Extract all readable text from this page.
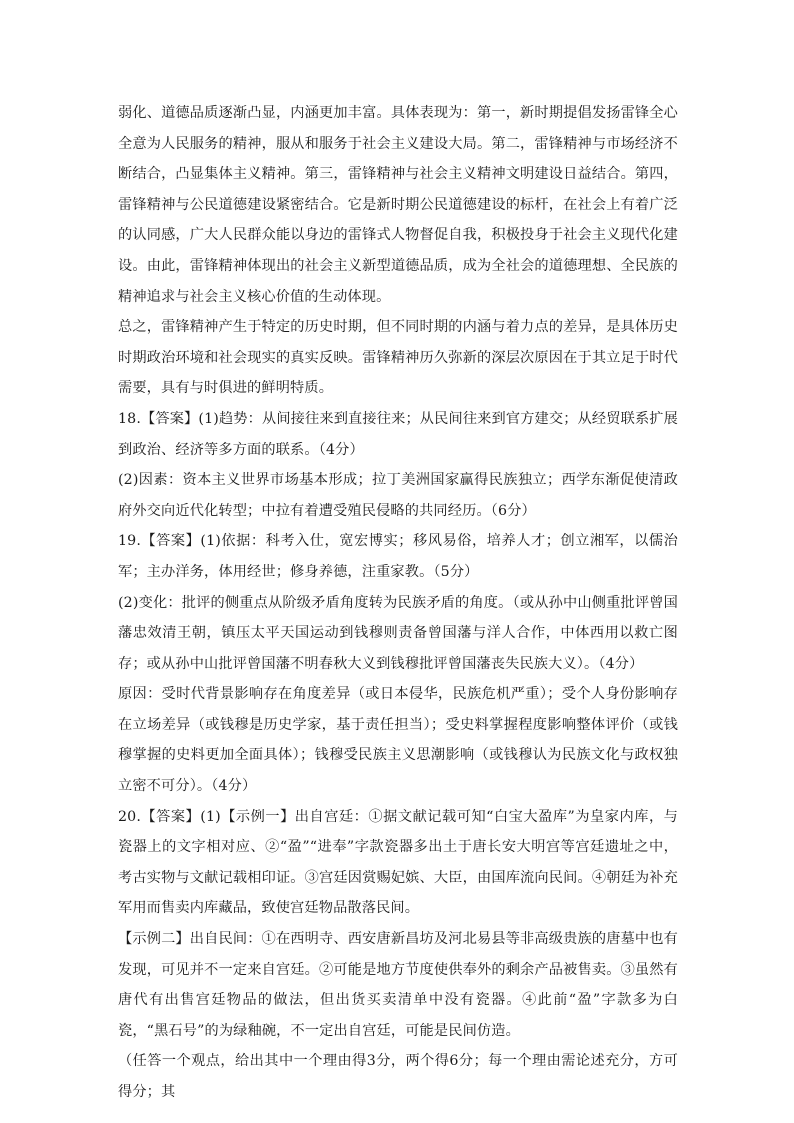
弱化、道德品质逐渐凸显，内涵更加丰富。具体表现为：第一，新时期提倡发扬雷锋全心全意为人民服务的精神，服从和服务于社会主义建设大局。第二，雷锋精神与市场经济不断结合，凸显集体主义精神。第三，雷锋精神与社会主义精神文明建设日益结合。第四，雷锋精神与公民道德建设紧密结合。它是新时期公民道德建设的标杆，在社会上有着广泛的认同感，广大人民群众能以身边的雷锋式人物督促自我，积极投身于社会主义现代化建设。由此，雷锋精神体现出的社会主义新型道德品质，成为全社会的道德理想、全民族的精神追求与社会主义核心价值的生动体现。

总之，雷锋精神产生于特定的历史时期，但不同时期的内涵与着力点的差异，是具体历史时期政治环境和社会现实的真实反映。雷锋精神历久弥新的深层次原因在于其立足于时代需要，具有与时俱进的鲜明特质。

18.【答案】(1)趋势：从间接往来到直接往来；从民间往来到官方建交；从经贸联系扩展到政治、经济等多方面的联系。（4分）

(2)因素：资本主义世界市场基本形成；拉丁美洲国家赢得民族独立；西学东渐促使清政府外交向近代化转型；中拉有着遭受殖民侵略的共同经历。（6分）

19.【答案】(1)依据：科考入仕，宽宏博实；移风易俗，培养人才；创立湘军，以儒治军；主办洋务，体用经世；修身养德，注重家教。（5分）

(2)变化：批评的侧重点从阶级矛盾角度转为民族矛盾的角度。（或从孙中山侧重批评曾国藩忠效清王朝，镇压太平天国运动到钱穆则责备曾国藩与洋人合作，中体西用以救亡图存；或从孙中山批评曾国藩不明春秋大义到钱穆批评曾国藩丧失民族大义）。（4分）

原因：受时代背景影响存在角度差异（或日本侵华，民族危机严重）；受个人身份影响存在立场差异（或钱穆是历史学家，基于责任担当）；受史料掌握程度影响整体评价（或钱穆掌握的史料更加全面具体）；钱穆受民族主义思潮影响（或钱穆认为民族文化与政权独立密不可分）。（4分）

20.【答案】(1)【示例一】出自宫廷：①据文献记载可知“白宝大盈库”为皇家内库，与瓷器上的文字相对应、②“盈”“进奉”字款瓷器多出土于唐长安大明宫等宫廷遗址之中，考古实物与文献记载相印证。③宫廷因赏赐妃嫔、大臣，由国库流向民间。④朝廷为补充军用而售卖内库藏品，致使宫廷物品散落民间。

【示例二】出自民间：①在西明寺、西安唐新昌坊及河北易县等非高级贵族的唐墓中也有发现，可见并不一定来自宫廷。②可能是地方节度使供奉外的剩余产品被售卖。③虽然有唐代有出售宫廷物品的做法，但出货买卖清单中没有瓷器。④此前“盈”字款多为白瓷，“黑石号”的为绿釉碗，不一定出自宫廷，可能是民间仿造。

（任答一个观点，给出其中一个理由得3分，两个得6分；每一个理由需论述充分，方可得分；其
